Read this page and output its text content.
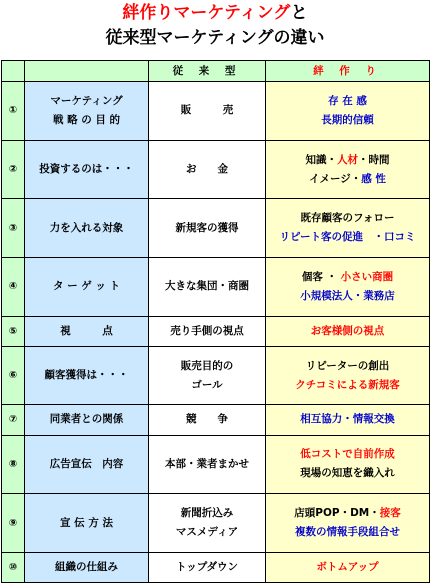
絆作りマーケティングと
従来型マーケティングの違い
		従 来 型	絆 作 り
①	マーケティング
戦 略 の 目 的	販　　　売	存 在 感
長期的信頼

②	投資するのは・・・	お　　金	知識・人材・時間
イメージ・感 性

③	力を入れる対象	新規客の獲得	既存顧客のフォロー
リピート客の促進　・口コミ

④	タ ー ゲ ッ ト	大きな集団・商圏	個客 ・ 小さい商圏
小規模法人・業務店

⑤	視　　　点	売り手側の視点	お客様側の視点

⑥	顧客獲得は・・・	販売目的の
ゴール	リピーターの創出
クチコミによる新規客

⑦	同業者との関係	競　　争	相互協力・情報交換

⑧	広告宣伝　内容	本部・業者まかせ	低コストで自前作成
現場の知恵を織入れ

⑨	宣 伝 方 法	新聞折込み
マスメディア	店頭POP・DM・接客
複数の情報手段組合せ

⑩	組織の仕組み	トップダウン	ボトムアップ
